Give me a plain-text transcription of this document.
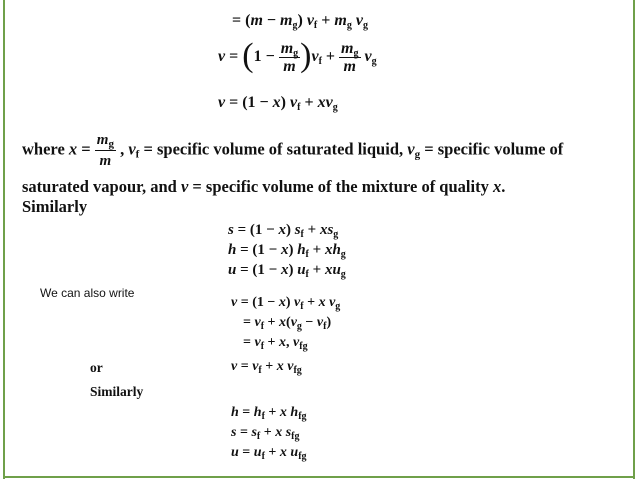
= $(m - m_g)$ $v_f + m_g$ $v_g$
$v = (1 - \frac{m_g}{m} )v_f + \frac{m_g}{m} v_g$
v = (1 − x) $v_f + xv_g$
where $x = \frac{m_g}{m}$ , $v_f$ = specific volume of saturated liquid, $v_g$ = specific volume of
saturated vapour, and v = specific volume of the mixture of quality x.
Similarly
s = (1 − x) $s_f + xs_g$
h = (1 − x) $h_f + xh_g$
u = (1 − x) $u_f + xu_g$
We can also write
v = (1 − x) $v_f + x$ $v_g$
= $v_f + x(v_g - v_f)$
= $v_f + x$, $v_{fg}$
or	$v = v_f + x$ $v_{fg}$
Similarly
$h = h_f + x$ $h_{fg}$
$s = s_f + x$ $s_{fg}$
$u = u_f + x$ $u_{fg}$
